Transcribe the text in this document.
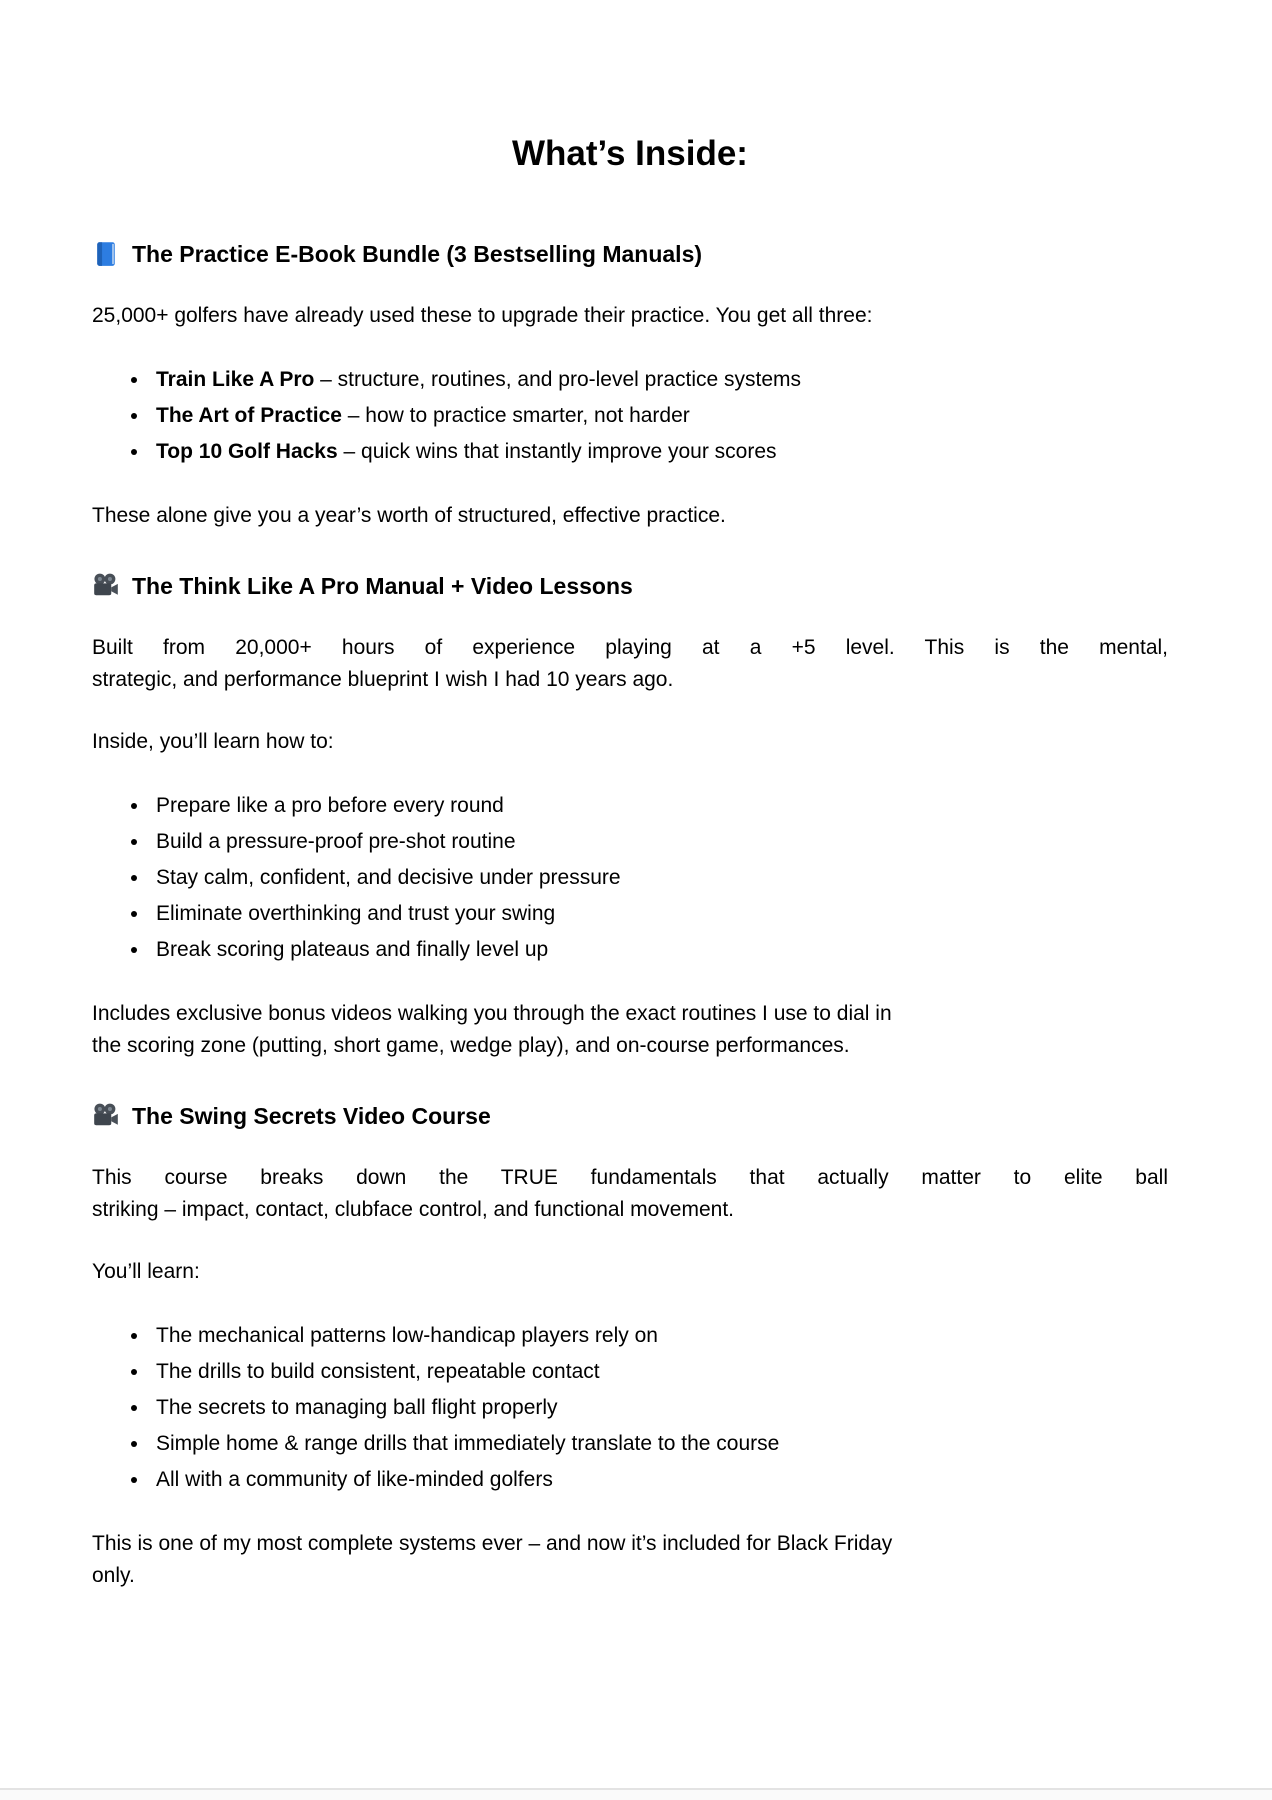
What’s Inside:
The Practice E-Book Bundle (3 Bestselling Manuals)

25,000+ golfers have already used these to upgrade their practice. You get all three:

• Train Like A Pro – structure, routines, and pro-level practice systems
• The Art of Practice – how to practice smarter, not harder
• Top 10 Golf Hacks – quick wins that instantly improve your scores

These alone give you a year’s worth of structured, effective practice.

The Think Like A Pro Manual + Video Lessons

Built from 20,000+ hours of experience playing at a +5 level. This is the mental,
strategic, and performance blueprint I wish I had 10 years ago.

Inside, you’ll learn how to:

• Prepare like a pro before every round
• Build a pressure-proof pre-shot routine
• Stay calm, confident, and decisive under pressure
• Eliminate overthinking and trust your swing
• Break scoring plateaus and finally level up

Includes exclusive bonus videos walking you through the exact routines I use to dial in
the scoring zone (putting, short game, wedge play), and on-course performances.

The Swing Secrets Video Course

This course breaks down the TRUE fundamentals that actually matter to elite ball
striking – impact, contact, clubface control, and functional movement.

You’ll learn:

• The mechanical patterns low-handicap players rely on
• The drills to build consistent, repeatable contact
• The secrets to managing ball flight properly
• Simple home & range drills that immediately translate to the course
• All with a community of like-minded golfers

This is one of my most complete systems ever – and now it’s included for Black Friday
only.
